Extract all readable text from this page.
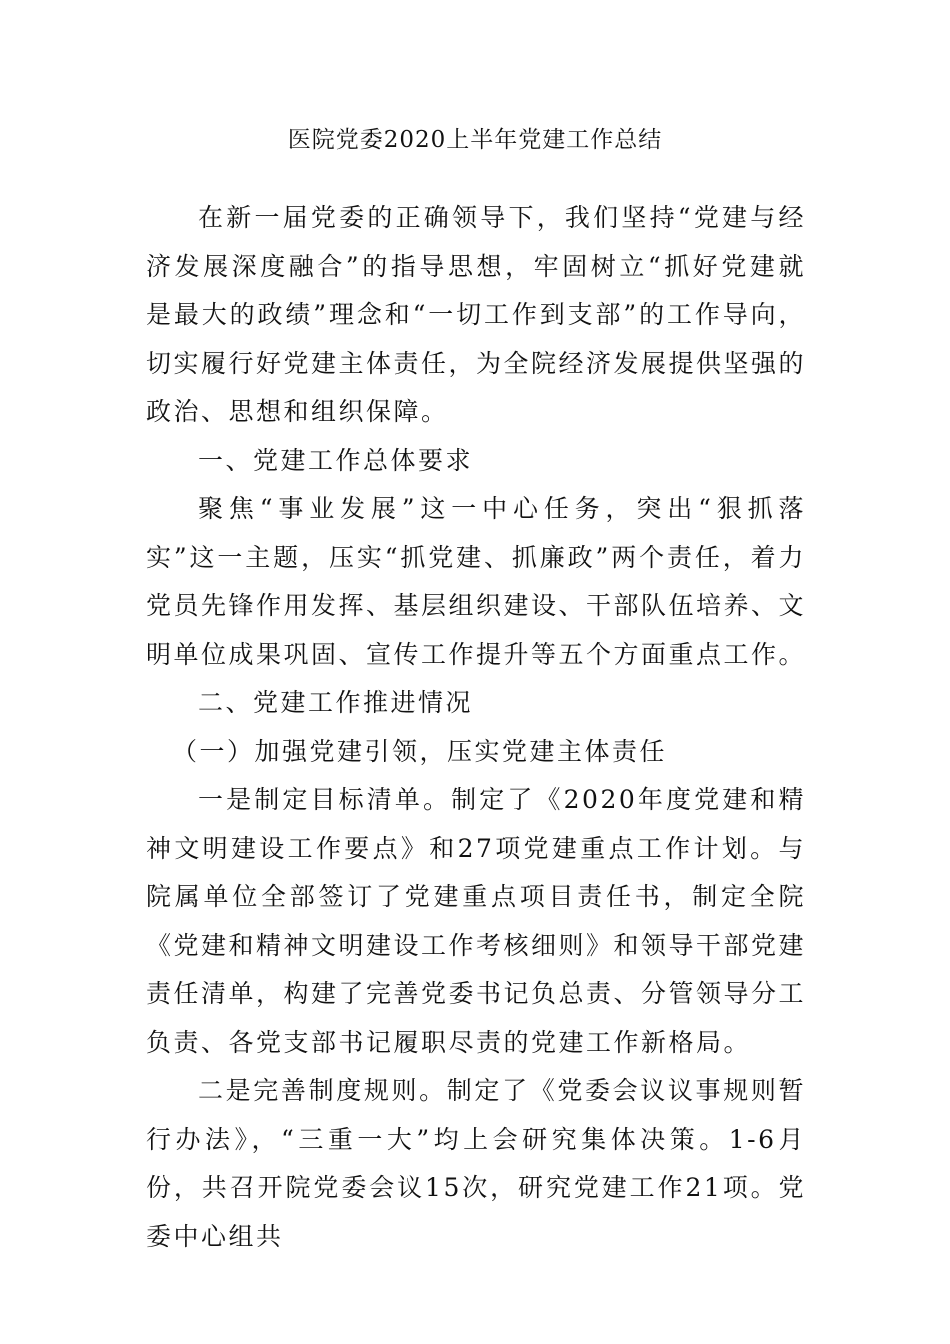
医院党委2020上半年党建工作总结

在新一届党委的正确领导下，我们坚持“党建与经济发展深度融合”的指导思想，牢固树立“抓好党建就是最大的政绩”理念和“一切工作到支部”的工作导向，切实履行好党建主体责任，为全院经济发展提供坚强的政治、思想和组织保障。

一、党建工作总体要求

聚焦“事业发展”这一中心任务，突出“狠抓落实”这一主题，压实“抓党建、抓廉政”两个责任，着力党员先锋作用发挥、基层组织建设、干部队伍培养、文明单位成果巩固、宣传工作提升等五个方面重点工作。

二、党建工作推进情况

（一）加强党建引领，压实党建主体责任

一是制定目标清单。制定了《2020年度党建和精神文明建设工作要点》和27项党建重点工作计划。与院属单位全部签订了党建重点项目责任书，制定全院《党建和精神文明建设工作考核细则》和领导干部党建责任清单，构建了完善党委书记负总责、分管领导分工负责、各党支部书记履职尽责的党建工作新格局。

二是完善制度规则。制定了《党委会议议事规则暂行办法》，“三重一大”均上会研究集体决策。1-6月份，共召开院党委会议15次，研究党建工作21项。党委中心组共
